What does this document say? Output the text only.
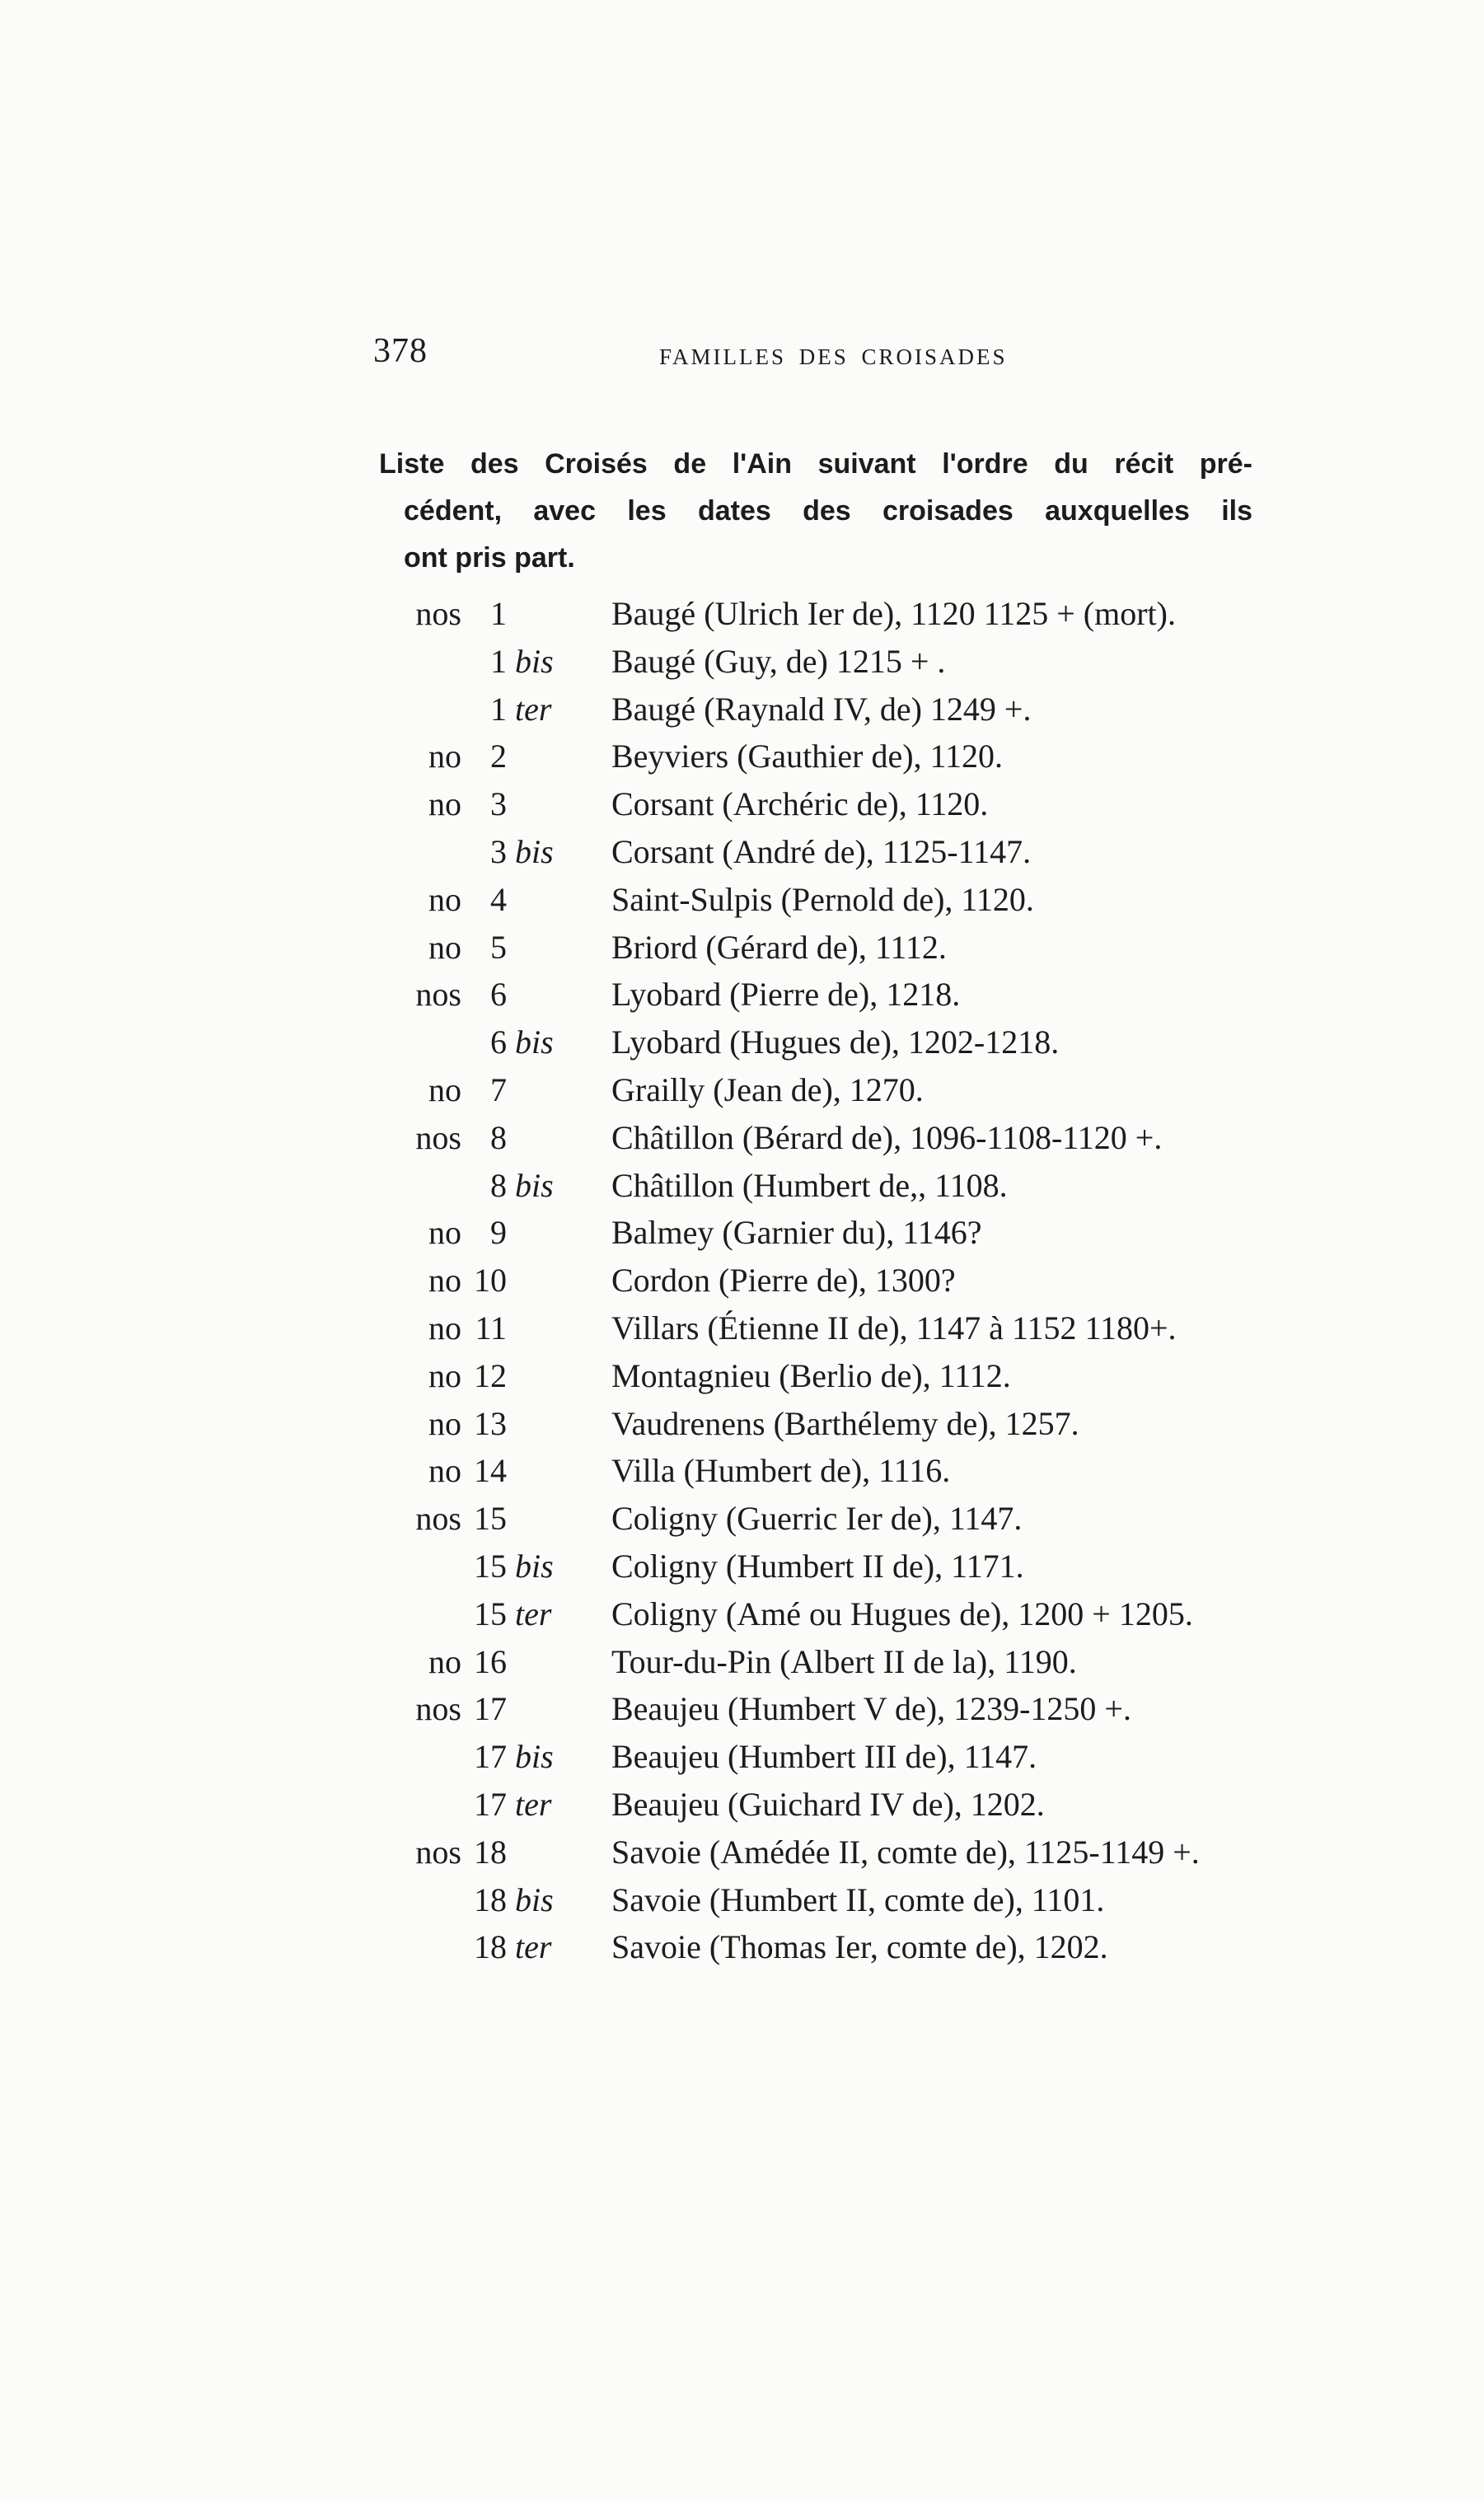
378	FAMILLES DES CROISADES
Liste des Croisés de l'Ain suivant l'ordre du récit pré-
cédent, avec les dates des croisades auxquelles ils
ont pris part.
nos 1	Baugé (Ulrich Ier de), 1120 1125 + (mort).
1 bis Baugé (Guy, de) 1215 + .
1 ter Baugé (Raynald IV, de) 1249 +.
no 2	Beyviers (Gauthier de), 1120.
no 3	Corsant (Archéric de), 1120.
3 bis Corsant (André de), 1125-1147.
no 4	Saint-Sulpis (Pernold de), 1120.
no 5	Briord (Gérard de), 1112.
nos 6	Lyobard (Pierre de), 1218.
6 bis Lyobard (Hugues de), 1202-1218.
no 7	Grailly (Jean de), 1270.
nos 8	Châtillon (Bérard de), 1096-1108-1120 +.
8 bis Châtillon (Humbert de,, 1108.
no 9	Balmey (Garnier du), 1146?
no 10	Cordon (Pierre de), 1300?
no 11	Villars (Étienne II de), 1147 à 1152 1180+.
no 12	Montagnieu (Berlio de), 1112.
no 13	Vaudrenens (Barthélemy de), 1257.
no 14	Villa (Humbert de), 1116.
nos 15	Coligny (Guerric Ier de), 1147.
15 bis Coligny (Humbert II de), 1171.
15 ter Coligny (Amé ou Hugues de), 1200 + 1205.
no 16	Tour-du-Pin (Albert II de la), 1190.
nos 17	Beaujeu (Humbert V de), 1239-1250 +.
17 bis Beaujeu (Humbert III de), 1147.
17 ter Beaujeu (Guichard IV de), 1202.
nos 18	Savoie (Amédée II, comte de), 1125-1149 +.
18 bis Savoie (Humbert II, comte de), 1101.
18 ter Savoie (Thomas Ier, comte de), 1202.
